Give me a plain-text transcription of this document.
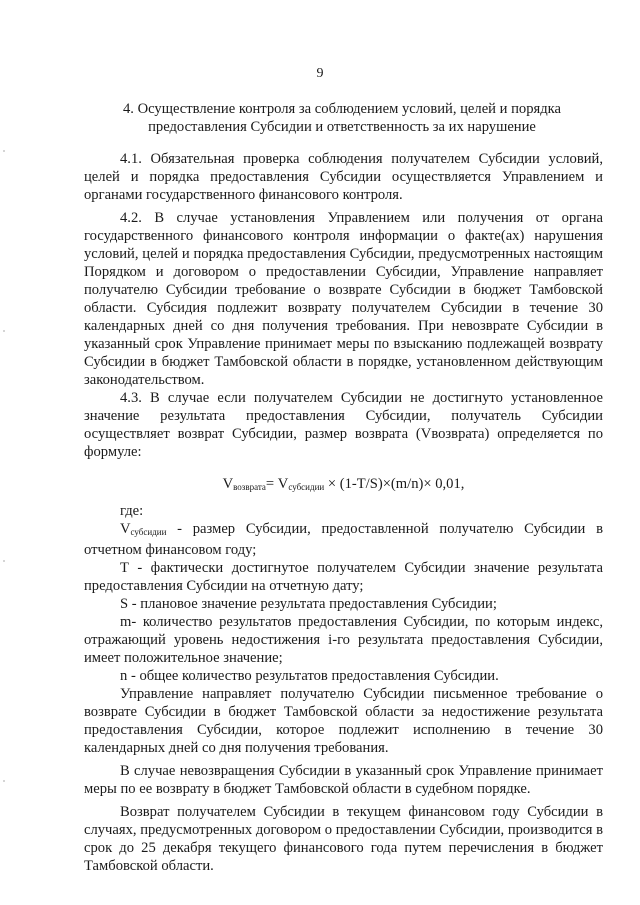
9
4. Осуществление контроля за соблюдением условий, целей и порядка предоставления Субсидии и ответственность за их нарушение

4.1. Обязательная проверка соблюдения получателем Субсидии условий, целей и порядка предоставления Субсидии осуществляется Управлением и органами государственного финансового контроля.

4.2. В случае установления Управлением или получения от органа государственного финансового контроля информации о факте(ах) нарушения условий, целей и порядка предоставления Субсидии, предусмотренных настоящим Порядком и договором о предоставлении Субсидии, Управление направляет получателю Субсидии требование о возврате Субсидии в бюджет Тамбовской области. Субсидия подлежит возврату получателем Субсидии в течение 30 календарных дней со дня получения требования. При невозврате Субсидии в указанный срок Управление принимает меры по взысканию подлежащей возврату Субсидии в бюджет Тамбовской области в порядке, установленном действующим законодательством.

4.3. В случае если получателем Субсидии не достигнуто установленное значение результата предоставления Субсидии, получатель Субсидии осуществляет возврат Субсидии, размер возврата (Vвозврата) определяется по формуле:

$V_{возврата}= V_{субсидии} \times (1-T/S)\times(m/n)\times 0,01$,

где:

$V_{субсидии}$ - размер Субсидии, предоставленной получателю Субсидии в отчетном финансовом году;

Т - фактически достигнутое получателем Субсидии значение результата предоставления Субсидии на отчетную дату;

S - плановое значение результата предоставления Субсидии;

m- количество результатов предоставления Субсидии, по которым индекс, отражающий уровень недостижения i-го результата предоставления Субсидии, имеет положительное значение;

n - общее количество результатов предоставления Субсидии.

Управление направляет получателю Субсидии письменное требование о возврате Субсидии в бюджет Тамбовской области за недостижение результата предоставления Субсидии, которое подлежит исполнению в течение 30 календарных дней со дня получения требования.

В случае невозвращения Субсидии в указанный срок Управление принимает меры по ее возврату в бюджет Тамбовской области в судебном порядке.

Возврат получателем Субсидии в текущем финансовом году Субсидии в случаях, предусмотренных договором о предоставлении Субсидии, производится в срок до 25 декабря текущего финансового года путем перечисления в бюджет Тамбовской области.
